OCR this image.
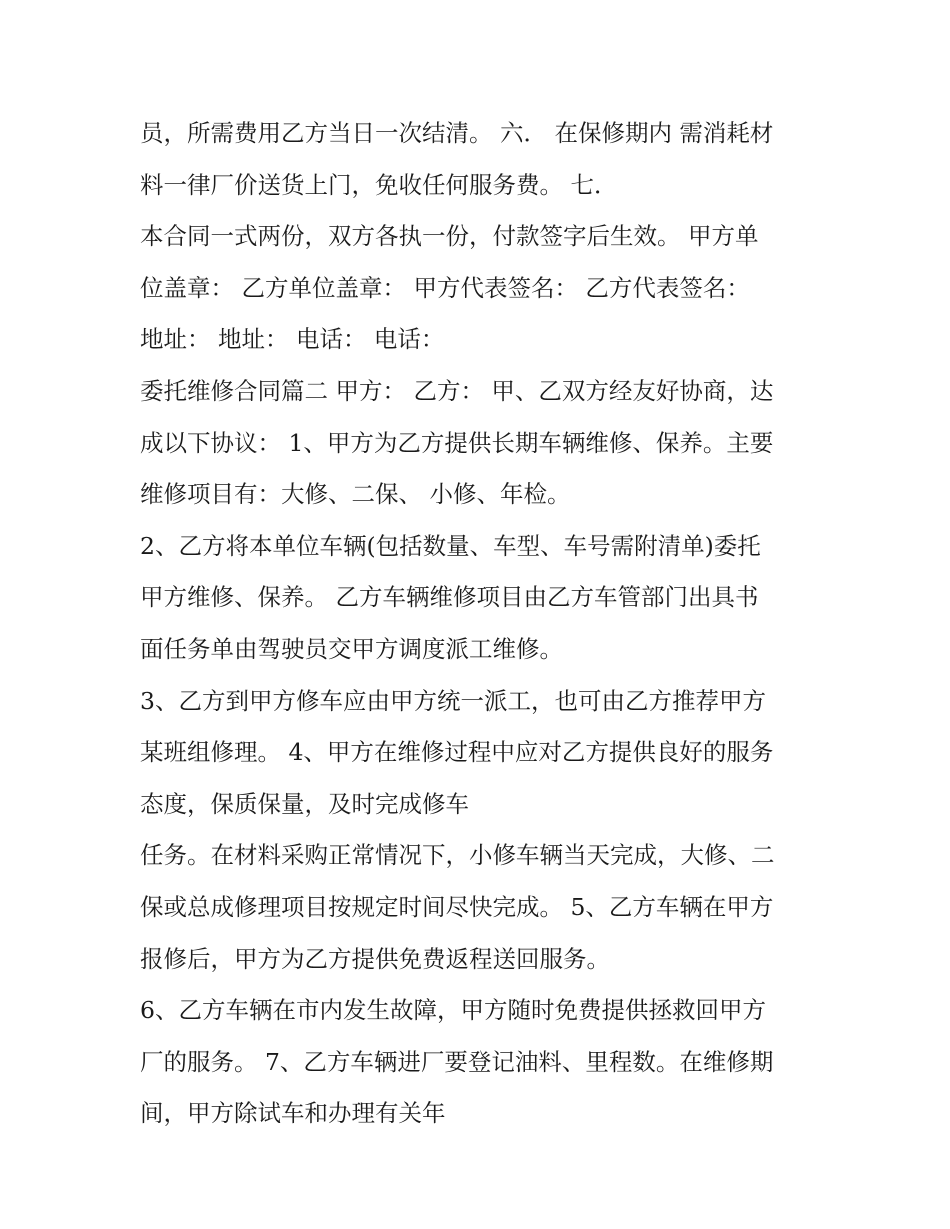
员，所需费用乙方当日一次结清。 六． 在保修期内 需消耗材
料一律厂价送货上门，免收任何服务费。 七．
本合同一式两份，双方各执一份，付款签字后生效。 甲方单
位盖章： 乙方单位盖章： 甲方代表签名： 乙方代表签名：
地址： 地址： 电话： 电话：
委托维修合同篇二 甲方： 乙方： 甲、乙双方经友好协商，达
成以下协议： 1、甲方为乙方提供长期车辆维修、保养。主要
维修项目有：大修、二保、 小修、年检。
2、乙方将本单位车辆(包括数量、车型、车号需附清单)委托
甲方维修、保养。 乙方车辆维修项目由乙方车管部门出具书
面任务单由驾驶员交甲方调度派工维修。
3、乙方到甲方修车应由甲方统一派工，也可由乙方推荐甲方
某班组修理。 4、甲方在维修过程中应对乙方提供良好的服务
态度，保质保量，及时完成修车
任务。在材料采购正常情况下，小修车辆当天完成，大修、二
保或总成修理项目按规定时间尽快完成。 5、乙方车辆在甲方
报修后，甲方为乙方提供免费返程送回服务。
6、乙方车辆在市内发生故障，甲方随时免费提供拯救回甲方
厂的服务。 7、乙方车辆进厂要登记油料、里程数。在维修期
间，甲方除试车和办理有关年
